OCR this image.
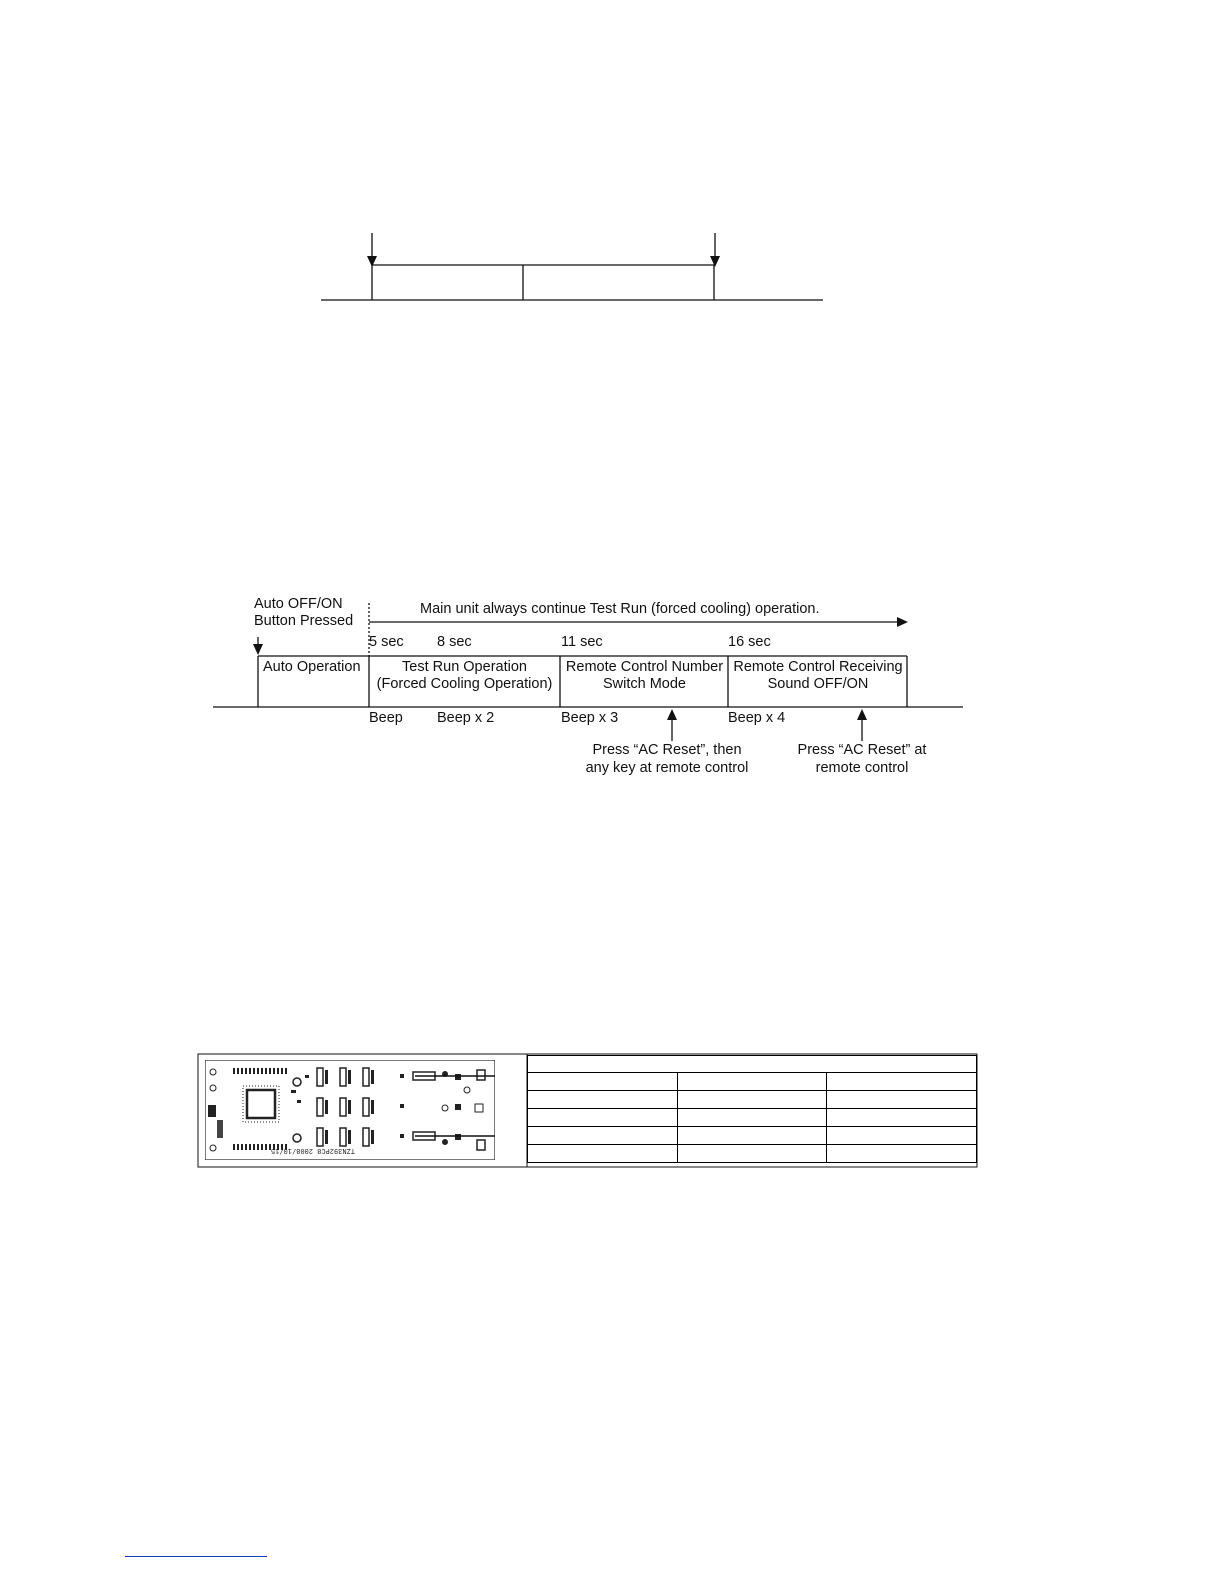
Auto OFF/ON
Button Pressed
Main unit always continue Test Run (forced cooling) operation.
5 sec 8 sec	11 sec	16 sec
Auto Operation	Test Run Operation
(Forced Cooling Operation)
Remote Control Number
Switch Mode
Remote Control Receiving
Sound OFF/ON
Beep Beep x 2	Beep x 3	Beep x 4
Press “AC Reset”, then
any key at remote control
Press “AC Reset” at
remote control
TZN392PC8 2008/10/15
